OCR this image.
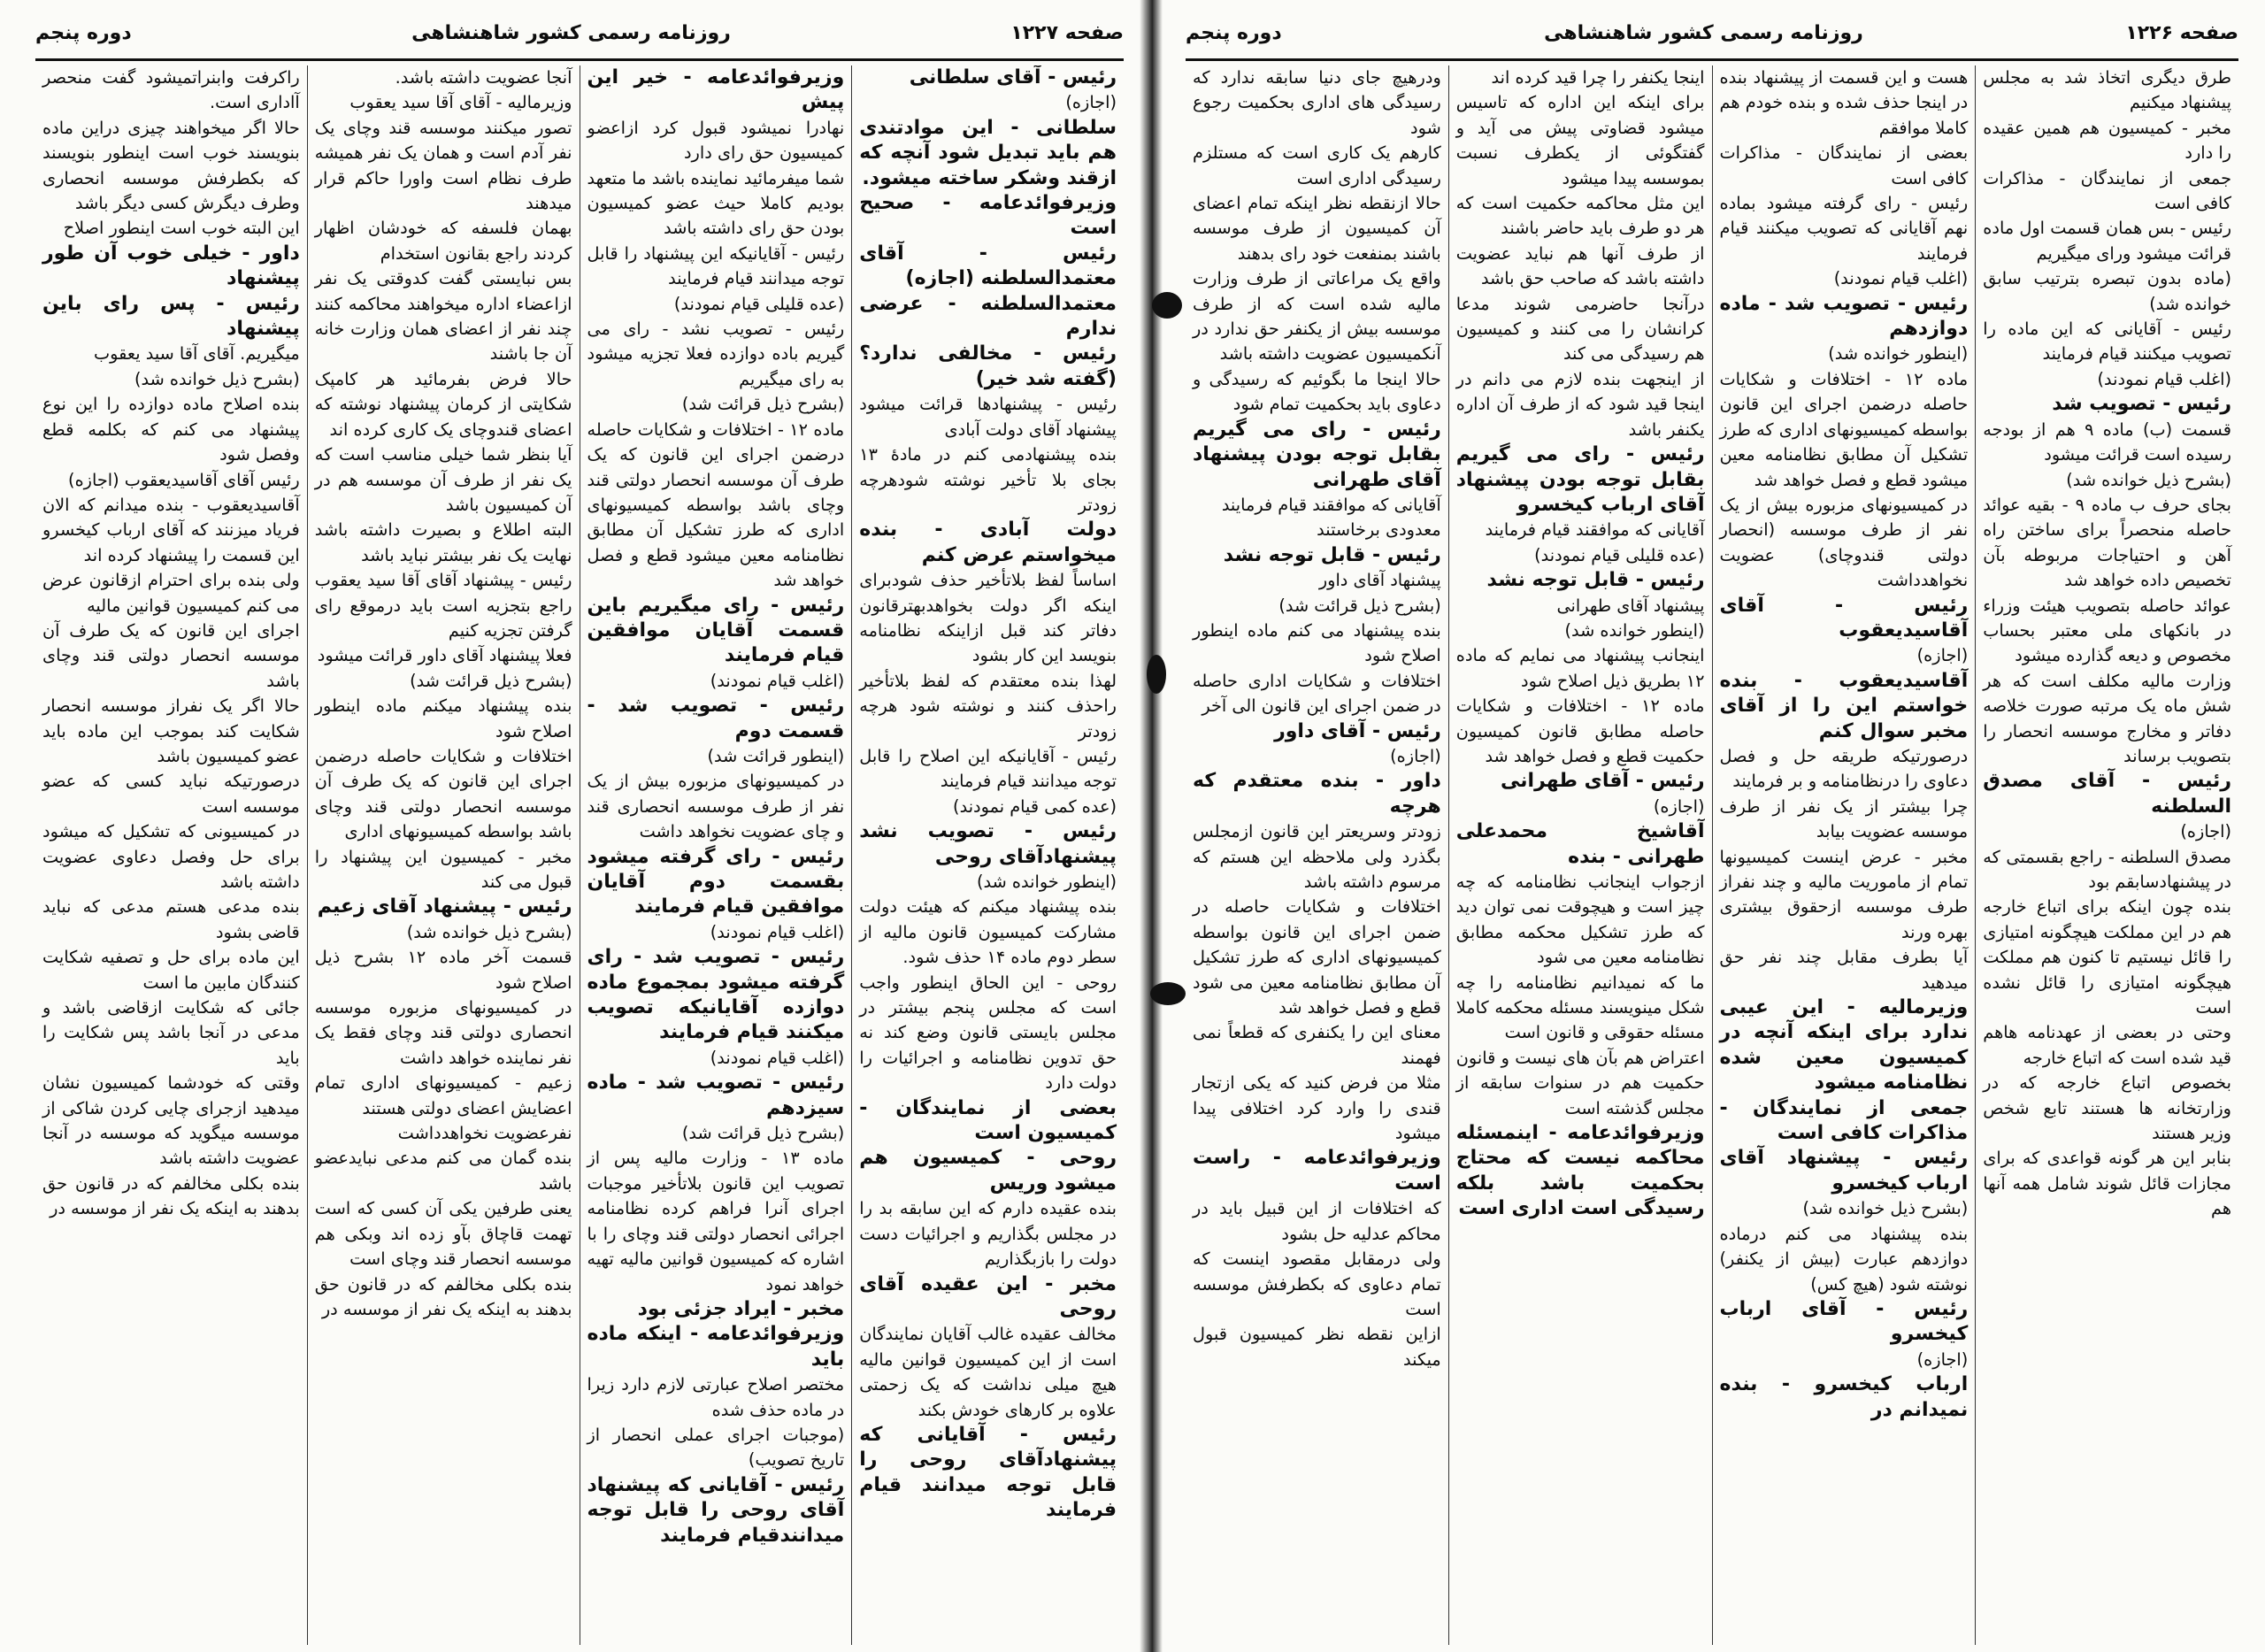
صفحه ۱۲۲۷
روزنامه رسمی کشور شاهنشاهی
دوره پنجم

رئیس - آقای سلطانی

(اجازه)

سلطانی - این موادتندی هم باید تبدیل شود آنچه که ازقند وشکر ساخته میشود.

وزیرفوائدعامه - صحیح است

رئیس - آقای معتمدالسلطنه (اجازه)

معتمدالسلطنه - عرضی ندارم

رئیس - مخالفی ندارد؟ (گفته شد خیر)

رئیس - پیشنهادها قرائت میشود پیشنهاد آقای دولت آبادی

بنده پیشنهادمی کنم در مادهٔ ۱۳ بجای بلا تأخیر نوشته شودهرچه زودتر

دولت آبادی - بنده میخواستم عرض کنم

اساساً لفظ بلاتأخیر حذف شودبرای اینکه اگر دولت بخواهدبهترقانون دفاتر کند قبل ازاینکه نظامنامه بنویسد این کار بشود

لهذا بنده معتقدم که لفظ بلاتأخیر راحذف کنند و نوشته شود هرچه زودتر

رئیس - آقایانیکه این اصلاح را قابل توجه میدانند قیام فرمایند

(عده کمی قیام نمودند)

رئیس - تصویب نشد پیشنهادآقای روحی

(اینطور خوانده شد)

بنده پیشنهاد میکنم که هیئت دولت مشارکت کمیسیون قانون مالیه از سطر دوم ماده ۱۴ حذف شود.

روحی - این الحاق اینطور واجب است که مجلس پنجم بیشتر در مجلس بایستی قانون وضع کند نه حق تدوین نظامنامه و اجرائیات را دولت دارد

بعضی از نمایندگان - کمیسیون است

روحی - کمیسیون هم میشود وریس

بنده عقیده دارم که این سابقه بد را در مجلس بگذاریم و اجرائیات دست دولت را بازبگذاریم

مخبر - این عقیده آقای روحی

مخالف عقیده غالب آقایان نمایندگان است از این کمیسیون قوانین مالیه هیچ میلی نداشت که یک زحمتی علاوه بر کارهای خودش بکند

رئیس - آقایانی که پیشنهادآقای روحی را قابل توجه میدانند قیام فرمایند

وزیرفوائدعامه - خیر این پیش

نهادرا نمیشود قبول کرد ازاعضو کمیسیون حق رای دارد

شما میفرمائید نماینده باشد ما متعهد بودیم کاملا حیث عضو کمیسیون بودن حق رای داشته باشد

رئیس - آقایانیکه این پیشنهاد را قابل توجه میدانند قیام فرمایند

(عده قلیلی قیام نمودند)

رئیس - تصویب نشد - رای می گیریم باده دوازده فعلا تجزیه میشود به رای میگیریم

(بشرح ذیل قرائت شد)

ماده ۱۲ - اختلافات و شکایات حاصله درضمن اجرای این قانون که یک طرف آن موسسه انحصار دولتی قند وچای باشد بواسطه کمیسیونهای اداری که طرز تشکیل آن مطابق نظامنامه معین میشود قطع و فصل خواهد شد

رئیس - رای میگیریم باین قسمت آقایان موافقین قیام فرمایند

(اغلب قیام نمودند)

رئیس - تصویب شد - قسمت دوم

(اینطور قرائت شد)

در کمیسیونهای مزبوره بیش از یک نفر از طرف موسسه انحصاری قند و چای عضویت نخواهد داشت

رئیس - رای گرفته میشود بقسمت دوم آقایان موافقین قیام فرمایند

(اغلب قیام نمودند)

رئیس - تصویب شد - رای گرفته میشود بمجموع ماده دوازده آقایانیکه تصویب میکنند قیام فرمایند

(اغلب قیام نمودند)

رئیس - تصویب شد - ماده سیزدهم

(بشرح ذیل قرائت شد)

ماده ۱۳ - وزارت مالیه پس از تصویب این قانون بلاتأخیر موجبات اجرای آنرا فراهم کرده نظامنامه اجرائی انحصار دولتی قند وچای را با اشاره که کمیسیون قوانین مالیه تهیه خواهد نمود

مخبر - ایراد جزئی بود

وزیرفوائدعامه - اینکه ماده باید

مختصر اصلاح عبارتی لازم دارد زیرا در ماده حذف شده

(موجبات اجرای عملی انحصار از تاریخ تصویب)

رئیس - آقایانی که پیشنهاد آقای روحی را قابل توجه میدانندقیام فرمایند

آنجا عضویت داشته باشد.

وزیرمالیه - آقای آقا سید یعقوب

تصور میکنند موسسه قند وچای یک نفر آدم است و همان یک نفر همیشه طرف نظام است واورا حاکم قرار میدهند

بهمان فلسفه که خودشان اظهار کردند راجع بقانون استخدام

بس نبایستی گفت کدوقتی یک نفر ازاعضاء اداره میخواهند محاکمه کنند چند نفر از اعضای همان وزارت خانه آن جا باشند

حالا فرض بفرمائید هر کامپک شکایتی از کرمان پیشنهاد نوشته که اعضای قندوچای یک کاری کرده اند

آیا بنظر شما خیلی مناسب است که یک نفر از طرف آن موسسه هم در آن کمیسیون باشد

البته اطلاع و بصیرت داشته باشد نهایت یک نفر بیشتر نباید باشد

رئیس - پیشنهاد آقای آقا سید یعقوب راجع بتجزیه است باید درموقع رای گرفتن تجزیه کنیم

فعلا پیشنهاد آقای داور قرائت میشود

(بشرح ذیل قرائت شد)

بنده پیشنهاد میکنم ماده اینطور اصلاح شود

اختلافات و شکایات حاصله درضمن اجرای این قانون که یک طرف آن موسسه انحصار دولتی قند وچای باشد بواسطه کمیسیونهای اداری

مخبر - کمیسیون این پیشنهاد را قبول می کند

رئیس - پیشنهاد آقای زعیم

(بشرح ذیل خوانده شد)

قسمت آخر ماده ۱۲ بشرح ذیل اصلاح شود

در کمیسیونهای مزبوره موسسه انحصاری دولتی قند وچای فقط یک نفر نماینده خواهد داشت

زعیم - کمیسیونهای اداری تمام اعضایش اعضای دولتی هستند

نفرعضویت نخواهدداشت

بنده گمان می کنم مدعی نبایدعضو باشد

یعنی طرفین یکی آن کسی که است تهمت قاچاق بآو زده اند وبکی هم موسسه انحصار قند وچای است

بنده بکلی مخالفم که در قانون حق بدهند به اینکه یک نفر از موسسه در

راکرفت وابنراتمیشود گفت منحصر آاداری است.

حالا اگر میخواهند چیزی دراین ماده بنویسند خوب است اینطور بنویسند که بکطرفش موسسه انحصاری وطرف دیگرش کسی دیگر باشد

این البته خوب است اینطور اصلاح

داور - خیلی خوب آن طور پیشنهاد

رئیس - پس رای باین پیشنهاد

میگیریم. آقای آقا سید یعقوب

(بشرح ذیل خوانده شد)

بنده اصلاح ماده دوازده را این نوع پیشنهاد می کنم که بکلمه قطع وفصل شود

رئیس آقای آقاسیدیعقوب (اجازه)

آقاسیدیعقوب - بنده میدانم که الان فریاد میزنند که آقای ارباب کیخسرو این قسمت را پیشنهاد کرده اند

ولی بنده برای احترام ازقانون عرض می کنم کمیسیون قوانین مالیه

اجرای این قانون که یک طرف آن موسسه انحصار دولتی قند وچای باشد

حالا اگر یک نفراز موسسه انحصار شکایت کند بموجب این ماده باید عضو کمیسیون باشد

درصورتیکه نباید کسی که عضو موسسه است

در کمیسیونی که تشکیل که میشود برای حل وفصل دعاوی عضویت داشته باشد

بنده مدعی هستم مدعی که نباید قاضی بشود

این ماده برای حل و تصفیه شکایت کنندگان مابین ما است

جائی که شکایت ازقاضی باشد و مدعی در آنجا باشد پس شکایت را باید

وقتی که خودشما کمیسیون نشان میدهید ازجرای چایی کردن شاکی از موسسه میگوید که موسسه در آنجا عضویت داشته باشد

بنده بکلی مخالفم که در قانون حق بدهند به اینکه یک نفر از موسسه در

صفحه ۱۲۲۶
روزنامه رسمی کشور شاهنشاهی
دوره پنجم

طرق دیگری اتخاذ شد به مجلس پیشنهاد میکنیم

مخبر - کمیسیون هم همین عقیده را دارد

جمعی از نمایندگان - مذاکرات کافی است

رئیس - بس همان قسمت اول ماده قرائت میشود ورای میگیریم

(ماده بدون تبصره بترتیب سابق خوانده شد)

رئیس - آقایانی که این ماده را تصویب میکنند قیام فرمایند

(اغلب قیام نمودند)

رئیس - تصویب شد

قسمت (ب) ماده ۹ هم از بودجه رسیده است قرائت میشود

(بشرح ذیل خوانده شد)

بجای حرف ب ماده ۹ - بقیه عوائد حاصله منحصراً برای ساختن راه آهن و احتیاجات مربوطه بآن تخصیص داده خواهد شد

عوائد حاصله بتصویب هیئت وزراء در بانکهای ملی معتبر بحساب مخصوص و دیعه گذارده میشود

وزارت مالیه مکلف است که هر شش ماه یک مرتبه صورت خلاصه دفاتر و مخارج موسسه انحصار را بتصویب برساند

رئیس - آقای مصدق السلطنه

(اجازه)

مصدق السلطنه - راجع بقسمتی که در پیشنهادسابقم بود

بنده چون اینکه برای اتباع خارجه هم در این مملکت هیچگونه امتیازی را قائل نیستیم تا کنون هم مملکت هیچگونه امتیازی را قائل نشده است

وحتی در بعضی از عهدنامه هاهم قید شده است که اتباع خارجه

بخصوص اتباع خارجه که در وزارتخانه ها هستند تابع شخص وزیر هستند

بنابر این هر گونه قواعدی که برای مجازات قائل شوند شامل همه آنها هم

هست و این قسمت از پیشنهاد بنده در اینجا حذف شده و بنده خودم هم کاملا موافقم

بعضی از نمایندگان - مذاکرات کافی است

رئیس - رای گرفته میشود بماده نهم آقایانی که تصویب میکنند قیام فرمایند

(اغلب قیام نمودند)

رئیس - تصویب شد - ماده دوازدهم

(اینطور خوانده شد)

ماده ۱۲ - اختلافات و شکایات حاصله درضمن اجرای این قانون بواسطه کمیسیونهای اداری که طرز تشکیل آن مطابق نظامنامه معین میشود قطع و فصل خواهد شد

در کمیسیونهای مزبوره بیش از یک نفر از طرف موسسه (انحصار دولتی قندوچای) عضویت نخواهدداشت

رئیس - آقای آقاسیدیعقوب

(اجازه)

آقاسیدیعقوب - بنده خواستم این را از آقای مخبر سوال کنم

درصورتیکه طریقه حل و فصل دعاوی را درنظامنامه و بر فرمایند

چرا بیشتر از یک نفر از طرف موسسه عضویت بیابد

مخبر - عرض اینست کمیسیونها تمام از ماموریت مالیه و چند نفراز طرف موسسه ازحقوق بیشتری بهره ورند

آیا بطرف مقابل چند نفر حق میدهید

وزیرمالیه - این عیبی ندارد برای اینکه آنچه در کمیسیون معین شده نظامنامه میشود

جمعی از نمایندگان - مذاکرات کافی است

رئیس - پیشنهاد آقای ارباب کیخسرو

(بشرح ذیل خوانده شد)

بنده پیشنهاد می کنم درماده دوازدهم عبارت (بیش از یکنفر) نوشته شود (هیچ کس)

رئیس - آقای ارباب کیخسرو

(اجازه)

ارباب کیخسرو - بنده نمیدانم در

اینجا یکنفر را چرا قید کرده اند

برای اینکه این اداره که تاسیس میشود قضاوتی پیش می آید و گفتگوئی از یکطرف نسبت بموسسه پیدا میشود

این مثل محاکمه حکمیت است که هر دو طرف باید حاضر باشند

از طرف آنها هم نباید عضویت داشته باشد که صاحب حق باشد

درآنجا حاضرمی شوند مدعا کرانشان را می کنند و کمیسیون هم رسیدگی می کند

از اینجهت بنده لازم می دانم در اینجا قید شود که از طرف آن اداره یکنفر باشد

رئیس - رای می گیریم بقابل توجه بودن پیشنهاد آقای ارباب کیخسرو

آقایانی که موافقند قیام فرمایند

(عده قلیلی قیام نمودند)

رئیس - قابل توجه نشد

پیشنهاد آقای طهرانی

(اینطور خوانده شد)

اینجانب پیشنهاد می نمایم که ماده ۱۲ بطریق ذیل اصلاح شود

ماده ۱۲ - اختلافات و شکایات حاصله مطابق قانون کمیسیون حکمیت قطع و فصل خواهد شد

رئیس - آقای طهرانی

(اجازه)

آقاشیخ محمدعلی طهرانی - بنده

ازجواب اینجانب نظامنامه که چه چیز است و هیچوقت نمی توان دید که طرز تشکیل محکمه مطابق نظامنامه معین می شود

ما که نمیدانیم نظامنامه را چه شکل مینویسند مسئله محکمه کاملا مسئله حقوقی و قانون است

اعتراض هم بآن های نیست و قانون حکمیت هم در سنوات سابقه از مجلس گذشته است

وزیرفوائدعامه - اینمسئله محاکمه نیست که محتاج بحکمیت باشد بلکه رسیدگی است اداری است

ودرهیچ جای دنیا سابقه ندارد که رسیدگی های اداری بحکمیت رجوع شود

کارهم یک کاری است که مستلزم رسیدگی اداری است

حالا ازنقطه نظر اینکه تمام اعضای آن کمیسیون از طرف موسسه باشند بمنفعت خود رای بدهند

واقع یک مراعاتی از طرف وزارت مالیه شده است که از طرف موسسه بیش از یکنفر حق ندارد در آنکمیسیون عضویت داشته باشد

حالا اینجا ما بگوئیم که رسیدگی و دعاوی باید بحکمیت تمام شود

رئیس - رای می گیریم بقابل توجه بودن پیشنهاد آقای طهرانی

آقایانی که موافقند قیام فرمایند

معدودی برخاستند

رئیس - قابل توجه نشد

پیشنهاد آقای داور

(بشرح ذیل قرائت شد)

بنده پیشنهاد می کنم ماده اینطور اصلاح شود

اختلافات و شکایات اداری حاصله در ضمن اجرای این قانون الی آخر

رئیس - آقای داور

(اجازه)

داور - بنده معتقدم که هرچه

زودتر وسریعتر این قانون ازمجلس بگذرد ولی ملاحظه این هستم که مرسوم داشته باشد

اختلافات و شکایات حاصله در ضمن اجرای این قانون بواسطه کمیسیونهای اداری که طرز تشکیل آن مطابق نظامنامه معین می شود قطع و فصل خواهد شد

معنای این را یکنفری که قطعاً نمی فهمند

مثلا من فرض کنید که یکی ازتجار قندی را وارد کرد اختلافی پیدا میشود

وزیرفوائدعامه - راست است

که اختلافات از این قبیل باید در محاکم عدلیه حل بشود

ولی درمقابل مقصود اینست که تمام دعاوی که بکطرفش موسسه است

ازاین نقطه نظر کمیسیون قبول میکند
